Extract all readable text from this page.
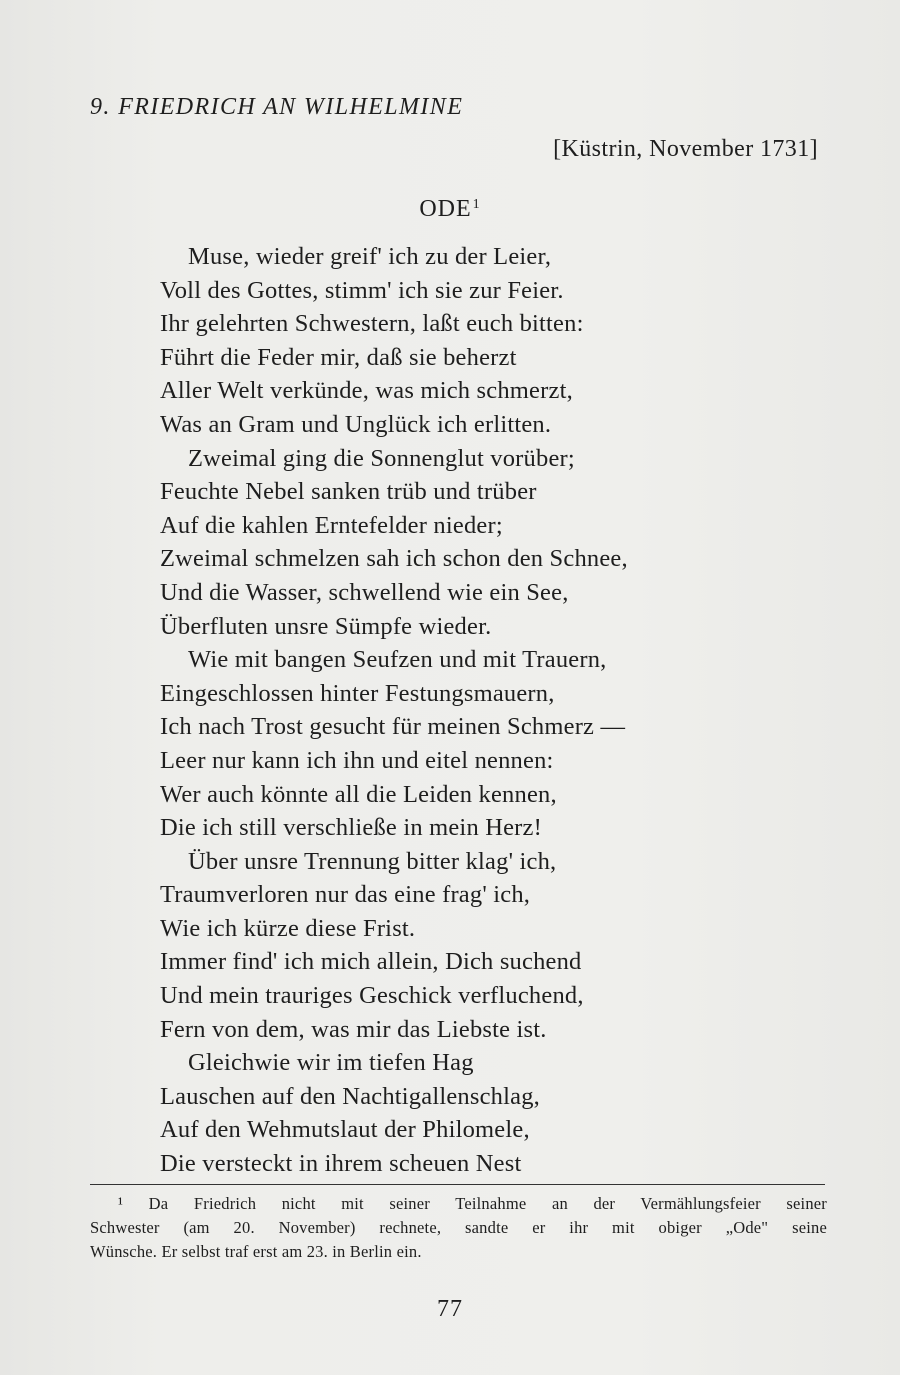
9. FRIEDRICH AN WILHELMINE
[Küstrin, November 1731]
ODE$^1$
Muse, wieder greif' ich zu der Leier,
Voll des Gottes, stimm' ich sie zur Feier.
Ihr gelehrten Schwestern, laßt euch bitten:
Führt die Feder mir, daß sie beherzt
Aller Welt verkünde, was mich schmerzt,
Was an Gram und Unglück ich erlitten.
Zweimal ging die Sonnenglut vorüber;
Feuchte Nebel sanken trüb und trüber
Auf die kahlen Erntefelder nieder;
Zweimal schmelzen sah ich schon den Schnee,
Und die Wasser, schwellend wie ein See,
Überfluten unsre Sümpfe wieder.
Wie mit bangen Seufzen und mit Trauern,
Eingeschlossen hinter Festungsmauern,
Ich nach Trost gesucht für meinen Schmerz —
Leer nur kann ich ihn und eitel nennen:
Wer auch könnte all die Leiden kennen,
Die ich still verschließe in mein Herz!
Über unsre Trennung bitter klag' ich,
Traumverloren nur das eine frag' ich,
Wie ich kürze diese Frist.
Immer find' ich mich allein, Dich suchend
Und mein trauriges Geschick verfluchend,
Fern von dem, was mir das Liebste ist.
Gleichwie wir im tiefen Hag
Lauschen auf den Nachtigallenschlag,
Auf den Wehmutslaut der Philomele,
Die versteckt in ihrem scheuen Nest
¹ Da Friedrich nicht mit seiner Teilnahme an der Vermählungsfeier seiner
Schwester (am 20. November) rechnete, sandte er ihr mit obiger „Ode" seine
Wünsche. Er selbst traf erst am 23. in Berlin ein.
77
